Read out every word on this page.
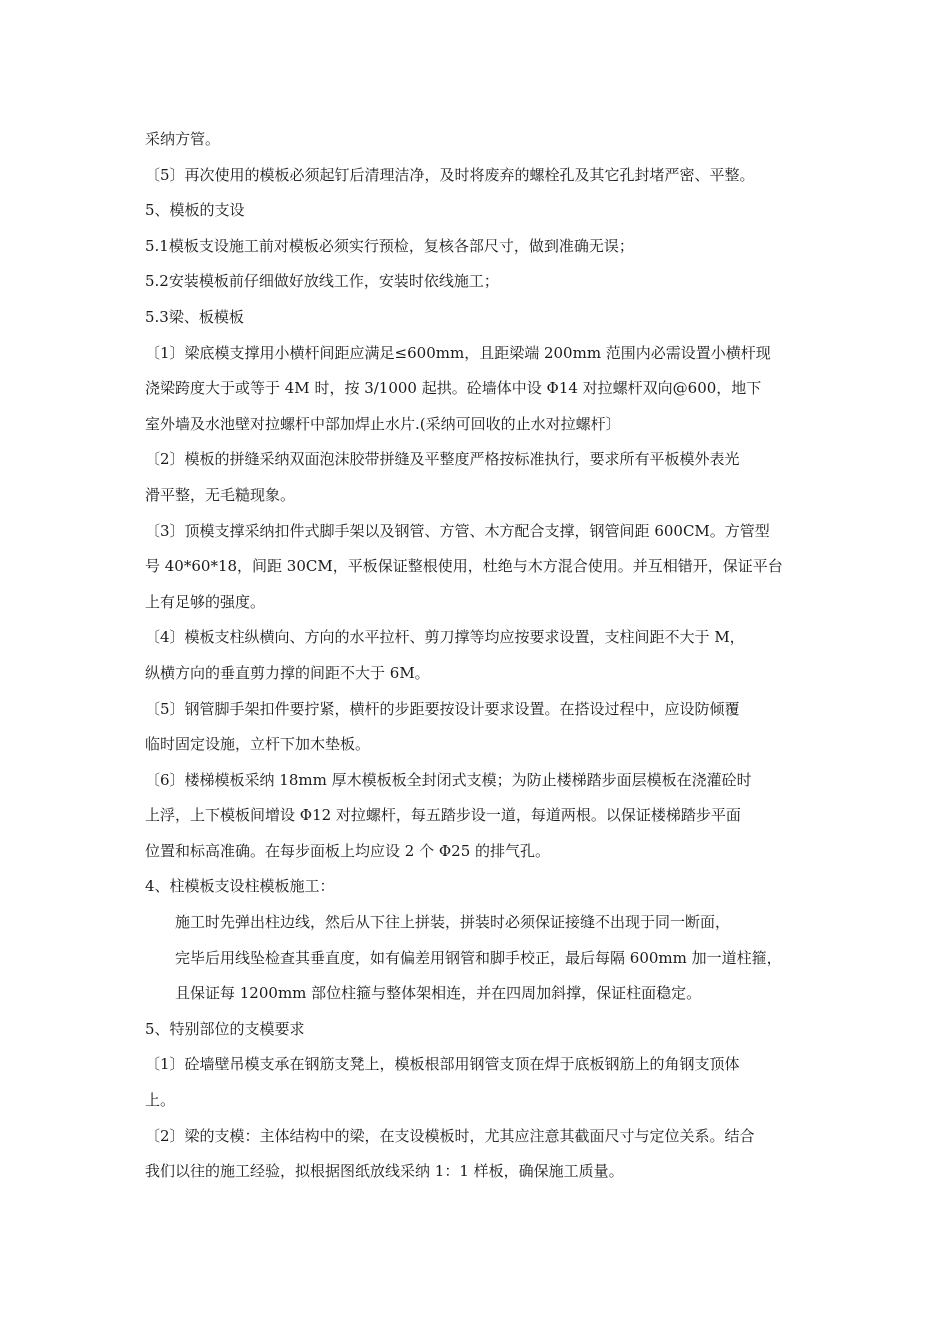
采纳方管。

〔5〕再次使用的模板必须起钉后清理洁净，及时将废弃的螺栓孔及其它孔封堵严密、平整。

5、模板的支设

5.1模板支设施工前对模板必须实行预检，复核各部尺寸，做到准确无误；

5.2安装模板前仔细做好放线工作，安装时依线施工；

5.3梁、板模板

〔1〕梁底模支撑用小横杆间距应满足≤600mm，且距梁端 200mm 范围内必需设置小横杆现
浇梁跨度大于或等于 4M 时，按 3/1000 起拱。砼墙体中设 Φ14 对拉螺杆双向@600，地下
室外墙及水池壁对拉螺杆中部加焊止水片.(采纳可回收的止水对拉螺杆〕

〔2〕模板的拼缝采纳双面泡沫胶带拼缝及平整度严格按标准执行，要求所有平板模外表光
滑平整，无毛糙现象。

〔3〕顶模支撑采纳扣件式脚手架以及钢管、方管、木方配合支撑，钢管间距 600CM。方管型
号 40*60*18，间距 30CM，平板保证整根使用，杜绝与木方混合使用。并互相错开，保证平台
上有足够的强度。

〔4〕模板支柱纵横向、方向的水平拉杆、剪刀撑等均应按要求设置，支柱间距不大于 M，
纵横方向的垂直剪力撑的间距不大于 6M。

〔5〕钢管脚手架扣件要拧紧，横杆的步距要按设计要求设置。在搭设过程中，应设防倾覆
临时固定设施，立杆下加木垫板。

〔6〕楼梯模板采纳 18mm 厚木模板板全封闭式支模；为防止楼梯踏步面层模板在浇灌砼时
上浮，上下模板间增设 Φ12 对拉螺杆，每五踏步设一道，每道两根。以保证楼梯踏步平面
位置和标高准确。在每步面板上均应设 2 个 Φ25 的排气孔。

4、柱模板支设柱模板施工：

施工时先弹出柱边线，然后从下往上拼装，拼装时必须保证接缝不出现于同一断面，
完毕后用线坠检查其垂直度，如有偏差用钢管和脚手校正，最后每隔 600mm 加一道柱箍，
且保证每 1200mm 部位柱箍与整体架相连，并在四周加斜撑，保证柱面稳定。

5、特别部位的支模要求

〔1〕砼墙壁吊模支承在钢筋支凳上，模板根部用钢管支顶在焊于底板钢筋上的角钢支顶体
上。

〔2〕梁的支模：主体结构中的梁，在支设模板时，尤其应注意其截面尺寸与定位关系。结合
我们以往的施工经验，拟根据图纸放线采纳 1：1 样板，确保施工质量。
